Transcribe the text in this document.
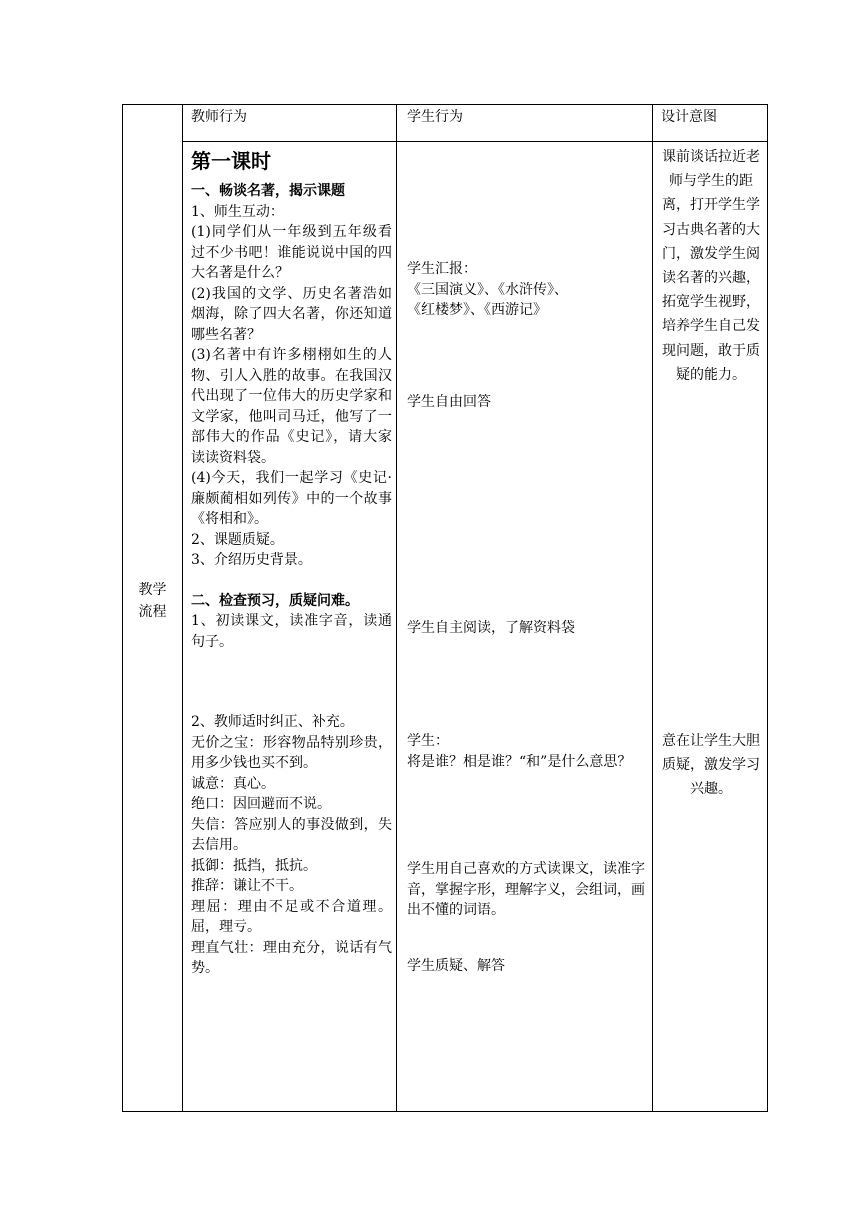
教师行为	学生行为	设计意图
教学
流程

第一课时

一、畅谈名著，揭示课题

1、师生互动：

(1)同学们从一年级到五年级看过不少书吧！谁能说说中国的四大名著是什么？

(2)我国的文学、历史名著浩如烟海，除了四大名著，你还知道哪些名著？

(3)名著中有许多栩栩如生的人物、引人入胜的故事。在我国汉代出现了一位伟大的历史学家和文学家，他叫司马迁，他写了一部伟大的作品《史记》，请大家读读资料袋。

(4)今天，我们一起学习《史记·廉颇蔺相如列传》中的一个故事《将相和》。

2、课题质疑。

3、介绍历史背景。

二、检查预习，质疑问难。

1、初读课文，读准字音，读通句子。

2、教师适时纠正、补充。

无价之宝：形容物品特别珍贵，用多少钱也买不到。

诚意：真心。

绝口：因回避而不说。

失信：答应别人的事没做到，失去信用。

抵御：抵挡，抵抗。

推辞：谦让不干。

理屈：理由不足或不合道理。屈，理亏。

理直气壮：理由充分，说话有气势。

学生汇报：

《三国演义》、《水浒传》、

《红楼梦》、《西游记》

学生自由回答
学生自主阅读，了解资料袋

学生：

将是谁？相是谁？“和”是什么意思？

学生用自己喜欢的方式读课文，读准字音，掌握字形，理解字义，会组词，画出不懂的词语。
学生质疑、解答
课前谈话拉近老师与学生的距离，打开学生学习古典名著的大门，激发学生阅读名著的兴趣，拓宽学生视野，培养学生自己发现问题，敢于质疑的能力。
意在让学生大胆质疑，激发学习兴趣。
